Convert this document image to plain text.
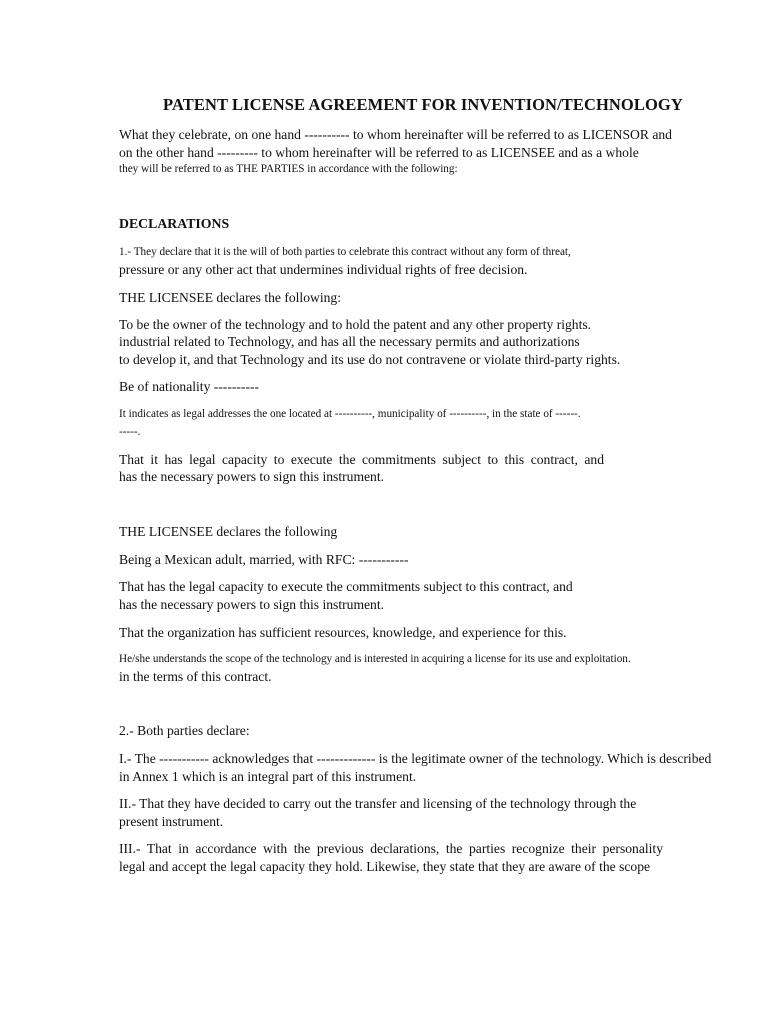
PATENT LICENSE AGREEMENT FOR INVENTION/TECHNOLOGY
What they celebrate, on one hand ---------- to whom hereinafter will be referred to as LICENSOR and
on the other hand --------- to whom hereinafter will be referred to as LICENSEE and as a whole
they will be referred to as THE PARTIES in accordance with the following:
DECLARATIONS
1.- They declare that it is the will of both parties to celebrate this contract without any form of threat,
pressure or any other act that undermines individual rights of free decision.
THE LICENSEE declares the following:
To be the owner of the technology and to hold the patent and any other property rights.
industrial related to Technology, and has all the necessary permits and authorizations
to develop it, and that Technology and its use do not contravene or violate third-party rights.
Be of nationality ----------
It indicates as legal addresses the one located at ----------, municipality of ----------, in the state of ------.
-----.
That it has legal capacity to execute the commitments subject to this contract, and
has the necessary powers to sign this instrument.
THE LICENSEE declares the following
Being a Mexican adult, married, with RFC: -----------
That has the legal capacity to execute the commitments subject to this contract, and
has the necessary powers to sign this instrument.
That the organization has sufficient resources, knowledge, and experience for this.
He/she understands the scope of the technology and is interested in acquiring a license for its use and exploitation.
in the terms of this contract.
2.- Both parties declare:
I.- The ----------- acknowledges that ------------- is the legitimate owner of the technology. Which is described
in Annex 1 which is an integral part of this instrument.
II.- That they have decided to carry out the transfer and licensing of the technology through the
present instrument.
III.- That in accordance with the previous declarations, the parties recognize their personality
legal and accept the legal capacity they hold. Likewise, they state that they are aware of the scope
